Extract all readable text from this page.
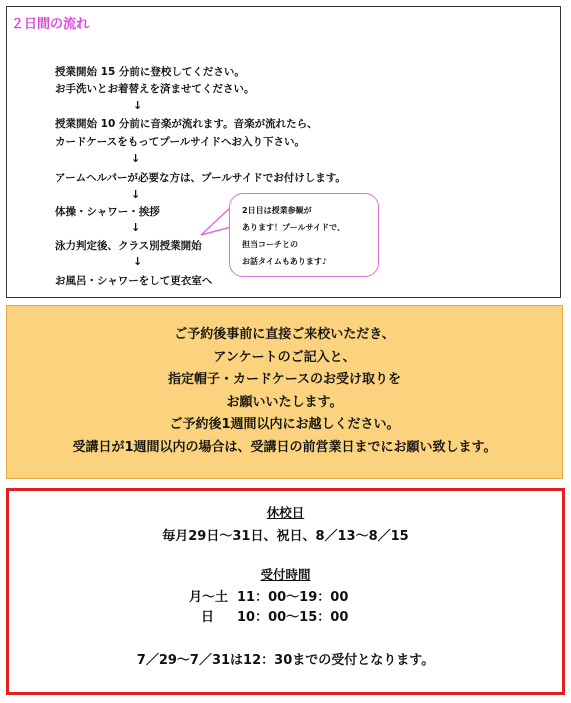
２日間の流れ

授業開始 15 分前に登校してください。

お手洗いとお着替えを済ませてください。

↓

授業開始 10 分前に音楽が流れます。音楽が流れたら、

カードケースをもってプールサイドへお入り下さい。

↓

アームヘルパーが必要な方は、プールサイドでお付けします。

↓

体操・シャワー・挨拶

↓

泳力判定後、クラス別授業開始

↓

お風呂・シャワーをして更衣室へ

2日目は授業参観が

あります！プールサイドで、

担当コーチとの

お話タイムもあります♪

ご予約後事前に直接ご来校いただき、

アンケートのご記入と、

指定帽子・カードケースのお受け取りを

お願いいたします。

ご予約後1週間以内にお越しください。

受講日が1週間以内の場合は、受講日の前営業日までにお願い致します。

休校日

毎月29日～31日、祝日、8／13～8／15

受付時間

月～土 11：00～19：00

日 10：00～15：00

7／29～7／31は12：30までの受付となります。
